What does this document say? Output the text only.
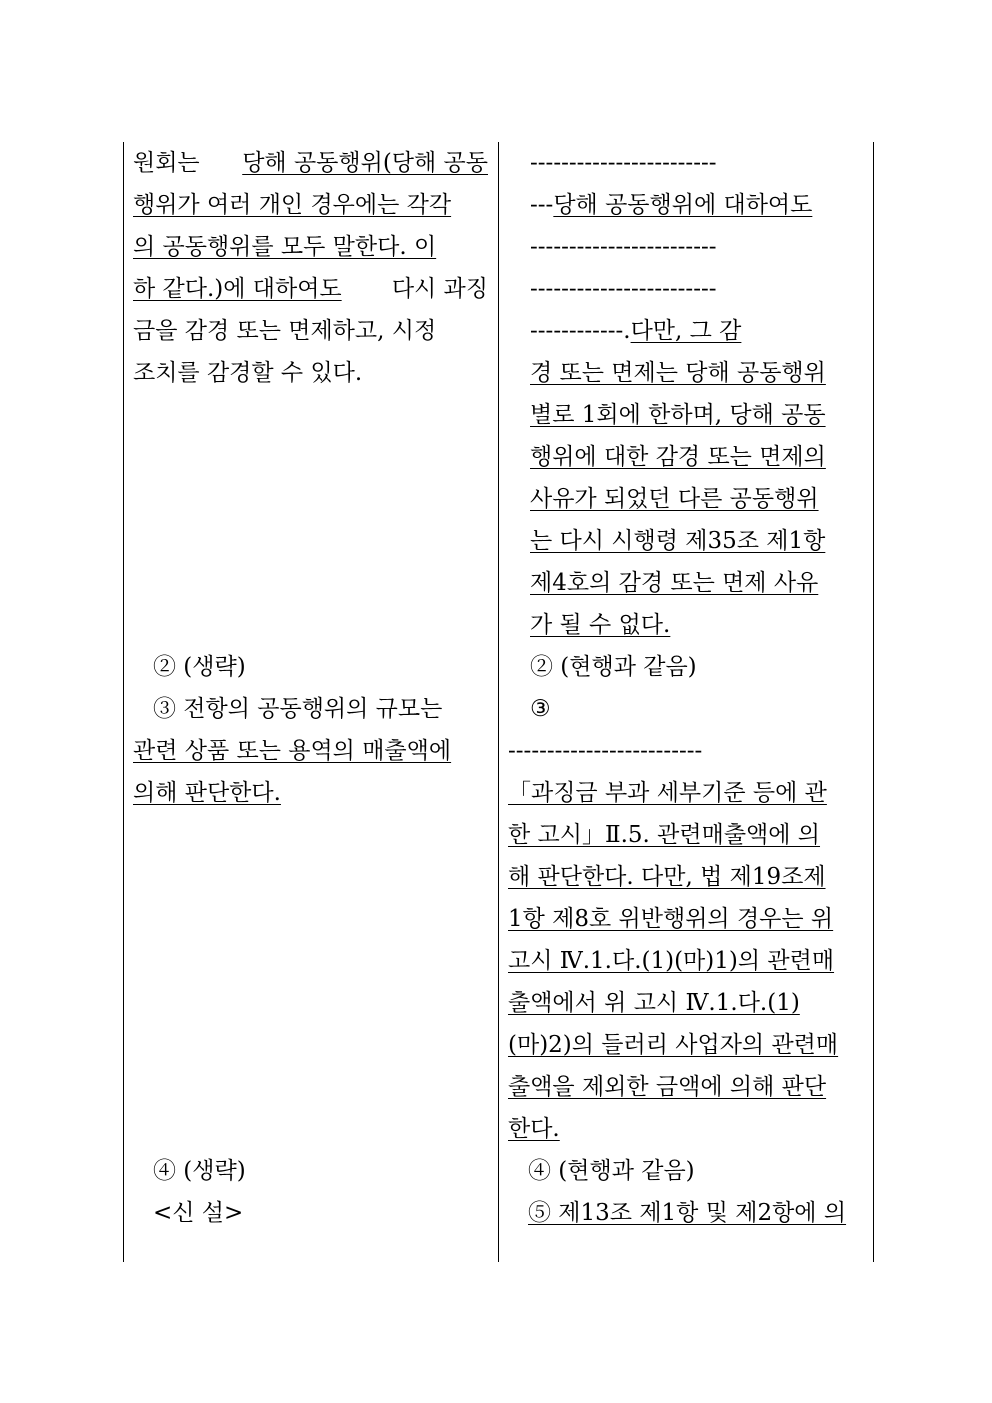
원회는 당해 공동행위(당해 공동
행위가 여러 개인 경우에는 각각
의 공동행위를 모두 말한다. 이
하 같다.)에 대하여도 다시 과징
금을 감경 또는 면제하고, 시정
조치를 감경할 수 있다.
② (생략)
③ 전항의 공동행위의 규모는
관련 상품 또는 용역의 매출액에
의해 판단한다.
④ (생략)
<신 설>
------------------------
--- 당해 공동행위에 대하여도
------------------------
------------------------
------------. 다만, 그 감
경 또는 면제는 당해 공동행위
별로 1회에 한하며, 당해 공동
행위에 대한 감경 또는 면제의
사유가 되었던 다른 공동행위
는 다시 시행령 제35조 제1항
제4호의 감경 또는 면제 사유
가 될 수 없다.
② (현행과 같음)
③
-------------------------
「과징금 부과 세부기준 등에 관
한 고시」Ⅱ.5. 관련매출액에 의
해 판단한다. 다만, 법 제19조제
1항 제8호 위반행위의 경우는 위
고시 Ⅳ.1.다.(1)(마)1)의 관련매
출액에서 위 고시 Ⅳ.1.다.(1)
(마)2)의 들러리 사업자의 관련매
출액을 제외한 금액에 의해 판단
한다.
④ (현행과 같음)
⑤ 제13조 제1항 및 제2항에 의
